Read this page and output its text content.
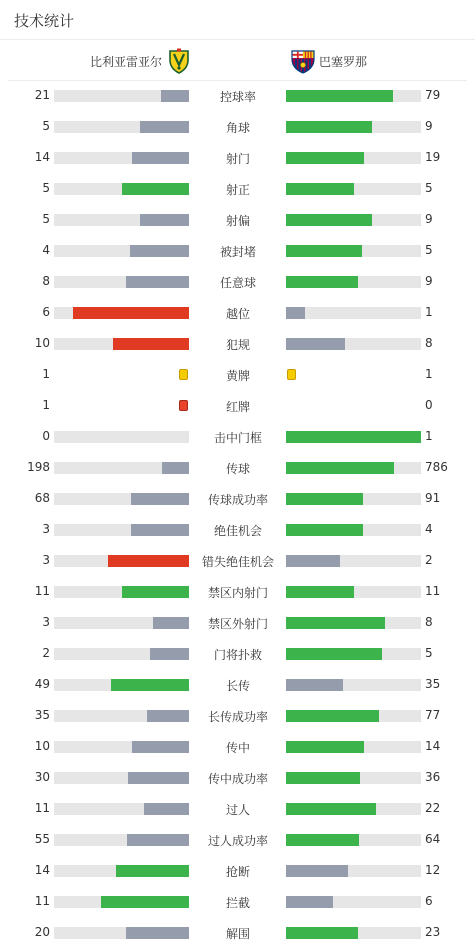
技术统计
比利亚雷亚尔	巴塞罗那
21	控球率	79
5	角球	9
14	射门	19
5	射正	5
5	射偏	9
4	被封堵	5
8	任意球	9
6	越位	1
10	犯规	8
1	黄牌	1
1	红牌	0
0	击中门框	1
198	传球	786
68	传球成功率	91
3	绝佳机会	4
3	错失绝佳机会	2
11	禁区内射门	11
3	禁区外射门	8
2	门将扑救	5
49	长传	35
35	长传成功率	77
10	传中	14
30	传中成功率	36
11	过人	22
55	过人成功率	64
14	抢断	12
11	拦截	6
20	解围	23
